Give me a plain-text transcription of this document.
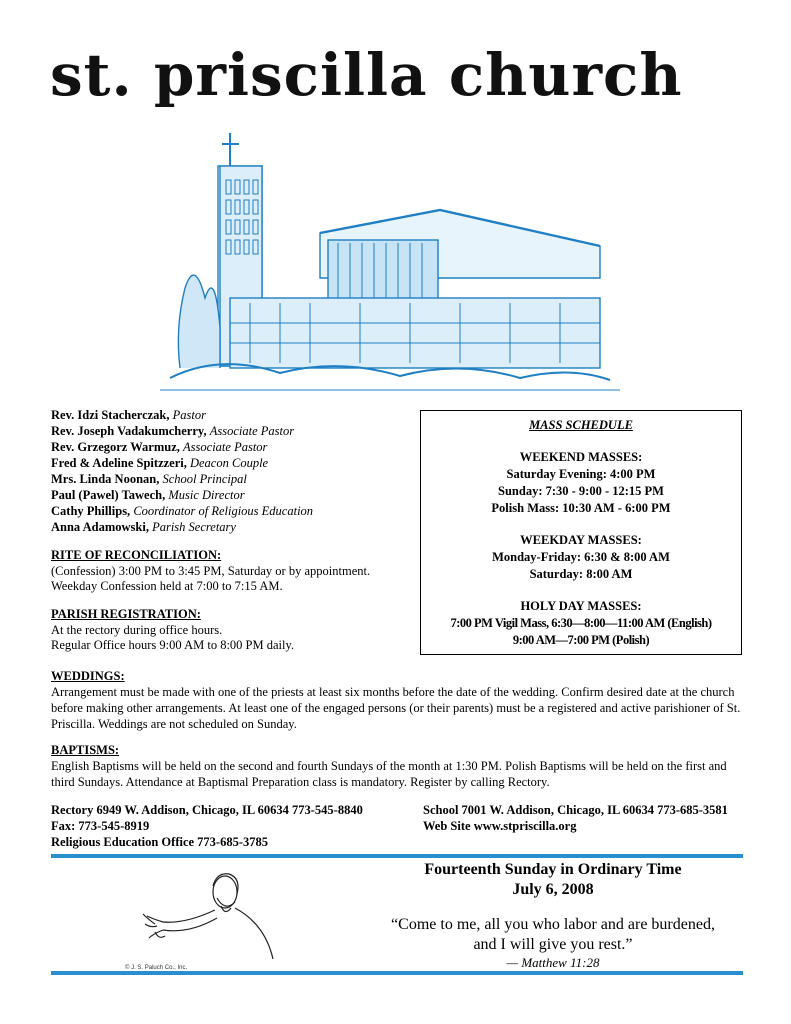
st. priscilla church
Rev. Idzi Stacherczak, Pastor
Rev. Joseph Vadakumcherry, Associate Pastor
Rev. Grzegorz Warmuz, Associate Pastor
Fred & Adeline Spitzzeri, Deacon Couple
Mrs. Linda Noonan, School Principal
Paul (Pawel) Tawech, Music Director
Cathy Phillips, Coordinator of Religious Education
Anna Adamowski, Parish Secretary
RITE OF RECONCILIATION:
(Confession) 3:00 PM to 3:45 PM, Saturday or by appointment.
Weekday Confession held at 7:00 to 7:15 AM.
PARISH REGISTRATION:
At the rectory during office hours.
Regular Office hours 9:00 AM to 8:00 PM daily.
MASS SCHEDULE
WEEKEND MASSES:
Saturday Evening: 4:00 PM
Sunday: 7:30 - 9:00 - 12:15 PM
Polish Mass: 10:30 AM - 6:00 PM
WEEKDAY MASSES:
Monday-Friday: 6:30 & 8:00 AM
Saturday: 8:00 AM
HOLY DAY MASSES:
7:00 PM Vigil Mass, 6:30—8:00—11:00 AM (English)
9:00 AM—7:00 PM (Polish)
WEDDINGS:
Arrangement must be made with one of the priests at least six months before the date of the wedding. Confirm desired date at the church before making other arrangements. At least one of the engaged persons (or their parents) must be a registered and active parishioner of St. Priscilla. Weddings are not scheduled on Sunday.
BAPTISMS:
English Baptisms will be held on the second and fourth Sundays of the month at 1:30 PM. Polish Baptisms will be held on the first and third Sundays. Attendance at Baptismal Preparation class is mandatory. Register by calling Rectory.
Rectory 6949 W. Addison, Chicago, IL 60634 773-545-8840
Fax: 773-545-8919
Religious Education Office 773-685-3785
School 7001 W. Addison, Chicago, IL 60634 773-685-3581
Web Site www.stpriscilla.org
© J. S. Paluch Co., Inc.
Fourteenth Sunday in Ordinary Time
July 6, 2008
“Come to me, all you who labor and are burdened,
and I will give you rest.”
— Matthew 11:28
